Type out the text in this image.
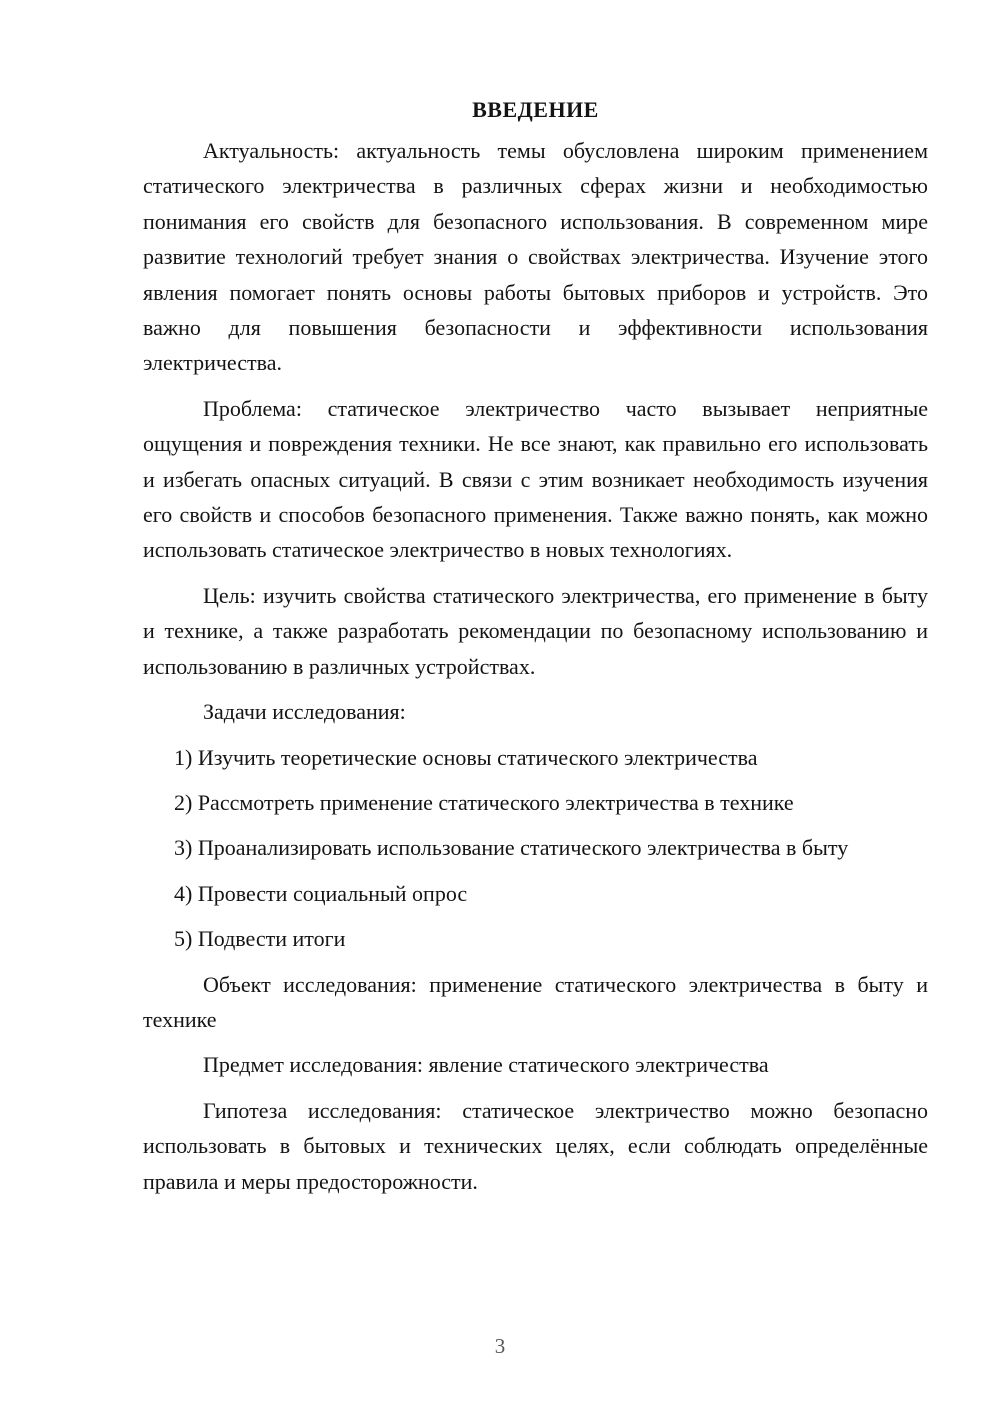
ВВЕДЕНИЕ

Актуальность: актуальность темы обусловлена широким применением статического электричества в различных сферах жизни и необходимостью понимания его свойств для безопасного использования. В современном мире развитие технологий требует знания о свойствах электричества. Изучение этого явления помогает понять основы работы бытовых приборов и устройств. Это важно для повышения безопасности и эффективности использования электричества.

Проблема: статическое электричество часто вызывает неприятные ощущения и повреждения техники. Не все знают, как правильно его использовать и избегать опасных ситуаций. В связи с этим возникает необходимость изучения его свойств и способов безопасного применения. Также важно понять, как можно использовать статическое электричество в новых технологиях.

Цель: изучить свойства статического электричества, его применение в быту и технике, а также разработать рекомендации по безопасному использованию и использованию в различных устройствах.

Задачи исследования:

1) Изучить теоретические основы статического электричества

2) Рассмотреть применение статического электричества в технике

3) Проанализировать использование статического электричества в быту

4) Провести социальный опрос

5) Подвести итоги

Объект исследования: применение статического электричества в быту и технике

Предмет исследования: явление статического электричества

Гипотеза исследования: статическое электричество можно безопасно использовать в бытовых и технических целях, если соблюдать определённые правила и меры предосторожности.

3
